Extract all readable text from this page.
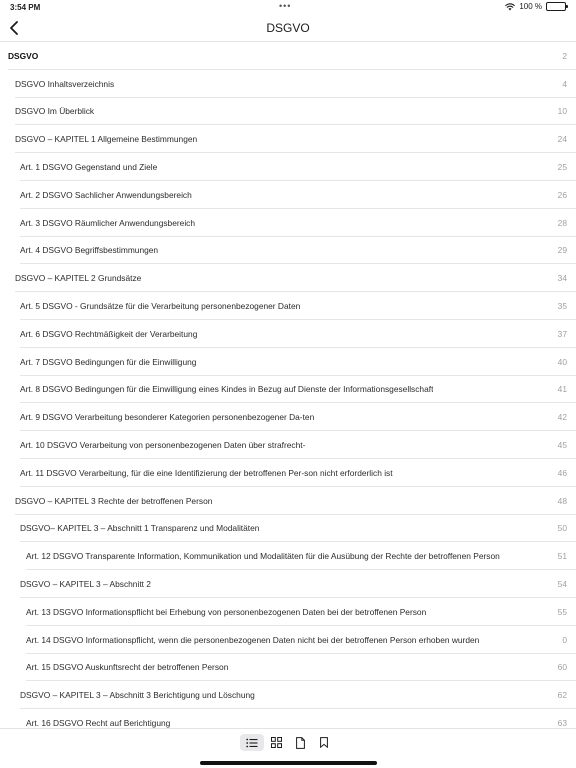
3:54 PM	•••	100 %
DSGVO
DSGVO	2
DSGVO Inhaltsverzeichnis	4
DSGVO Im Überblick	10
DSGVO – KAPITEL 1 Allgemeine Bestimmungen	24
Art. 1 DSGVO Gegenstand und Ziele	25
Art. 2 DSGVO Sachlicher Anwendungsbereich	26
Art. 3 DSGVO Räumlicher Anwendungsbereich	28
Art. 4 DSGVO Begriffsbestimmungen	29
DSGVO – KAPITEL 2 Grundsätze	34
Art. 5 DSGVO - Grundsätze für die Verarbeitung personenbezogener Daten	35
Art. 6 DSGVO Rechtmäßigkeit der Verarbeitung	37
Art. 7 DSGVO Bedingungen für die Einwilligung	40
Art. 8 DSGVO Bedingungen für die Einwilligung eines Kindes in Bezug auf Dienste der Informationsgesellschaft	41
Art. 9 DSGVO Verarbeitung besonderer Kategorien personenbezogener Da-ten	42
Art. 10 DSGVO Verarbeitung von personenbezogenen Daten über strafrecht-	45
Art. 11 DSGVO Verarbeitung, für die eine Identifizierung der betroffenen Per-son nicht erforderlich ist	46
DSGVO – KAPITEL 3 Rechte der betroffenen Person	48
DSGVO– KAPITEL 3 – Abschnitt 1 Transparenz und Modalitäten	50
Art. 12 DSGVO Transparente Information, Kommunikation und Modalitäten für die Ausübung der Rechte der betroffenen Person	51
DSGVO – KAPITEL 3 – Abschnitt 2	54
Art. 13 DSGVO Informationspflicht bei Erhebung von personenbezogenen Daten bei der betroffenen Person	55
Art. 14 DSGVO Informationspflicht, wenn die personenbezogenen Daten nicht bei der betroffenen Person erhoben wurden	0
Art. 15 DSGVO Auskunftsrecht der betroffenen Person	60
DSGVO – KAPITEL 3 – Abschnitt 3 Berichtigung und Löschung	62
Art. 16 DSGVO Recht auf Berichtigung	63
